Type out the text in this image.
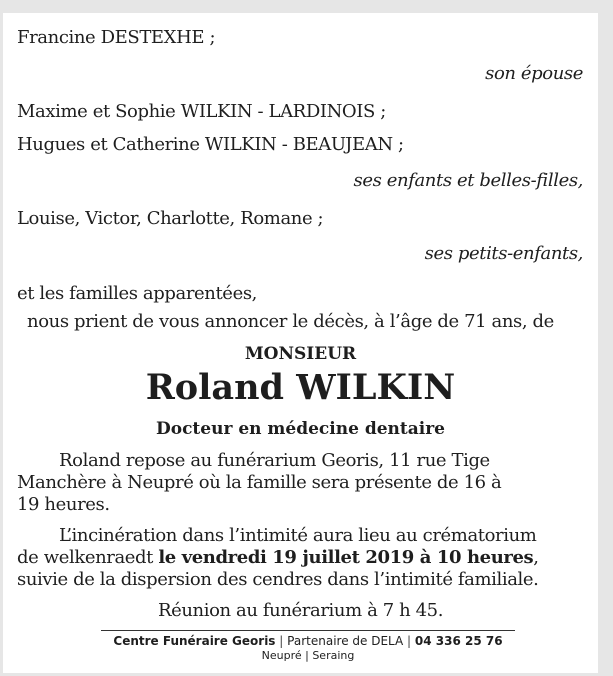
Francine DESTEXHE ;
son épouse
Maxime et Sophie WILKIN - LARDINOIS ;
Hugues et Catherine WILKIN - BEAUJEAN ;
ses enfants et belles-filles,
Louise, Victor, Charlotte, Romane ;
ses petits-enfants,
et les familles apparentées,
nous prient de vous annoncer le décès, à l’âge de 71 ans, de
MONSIEUR
Roland WILKIN
Docteur en médecine dentaire
Roland repose au funérarium Georis, 11 rue Tige
Manchère à Neupré où la famille sera présente de 16 à
19 heures.
L’incinération dans l’intimité aura lieu au crématorium
de welkenraedt le vendredi 19 juillet 2019 à 10 heures,
suivie de la dispersion des cendres dans l’intimité familiale.
Réunion au funérarium à 7 h 45.
Centre Funéraire Georis | Partenaire de DELA | 04 336 25 76
Neupré | Seraing
